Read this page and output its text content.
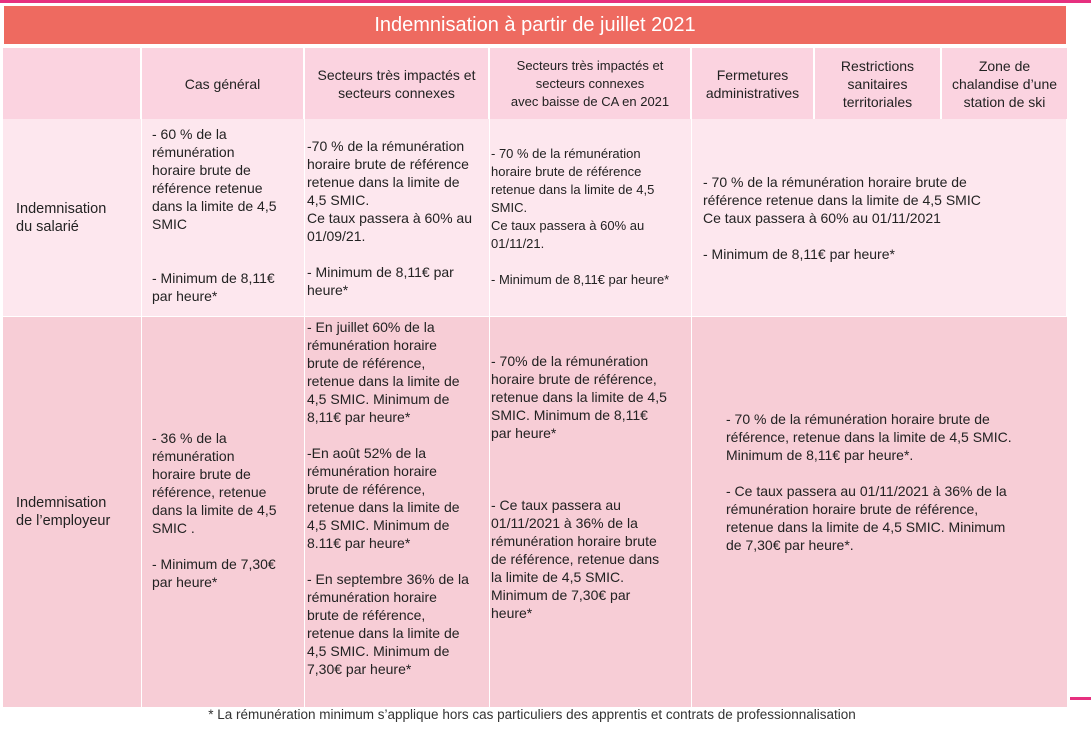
Indemnisation à partir de juillet 2021
Cas général
Secteurs très impactés et
secteurs connexes
Secteurs très impactés et
secteurs connexes
avec baisse de CA en 2021
Fermetures
administratives
Restrictions
sanitaires
territoriales
Zone de
chalandise d’une
station de ski
Indemnisation
du salarié
- 60 % de la
rémunération
horaire brute de
référence retenue
dans la limite de 4,5
SMIC

- Minimum de 8,11€
par heure*
-70 % de la rémunération
horaire brute de référence
retenue dans la limite de
4,5 SMIC.
Ce taux passera à 60% au
01/09/21.

- Minimum de 8,11€ par
heure*
- 70 % de la rémunération
horaire brute de référence
retenue dans la limite de 4,5
SMIC.
Ce taux passera à 60% au
01/11/21.

- Minimum de 8,11€ par heure*
- 70 % de la rémunération horaire brute de
référence retenue dans la limite de 4,5 SMIC
Ce taux passera à 60% au 01/11/2021

- Minimum de 8,11€ par heure*
Indemnisation
de l’employeur
- 36 % de la
rémunération
horaire brute de
référence, retenue
dans la limite de 4,5
SMIC .

- Minimum de 7,30€
par heure*
- En juillet 60% de la
rémunération horaire
brute de référence,
retenue dans la limite de
4,5 SMIC. Minimum de
8,11€ par heure*

-En août 52% de la
rémunération horaire
brute de référence,
retenue dans la limite de
4,5 SMIC. Minimum de
8.11€ par heure*

- En septembre 36% de la
rémunération horaire
brute de référence,
retenue dans la limite de
4,5 SMIC. Minimum de
7,30€ par heure*
- 70% de la rémunération
horaire brute de référence,
retenue dans la limite de 4,5
SMIC. Minimum de 8,11€
par heure*

- Ce taux passera au
01/11/2021 à 36% de la
rémunération horaire brute
de référence, retenue dans
la limite de 4,5 SMIC.
Minimum de 7,30€ par
heure*
- 70 % de la rémunération horaire brute de
référence, retenue dans la limite de 4,5 SMIC.
Minimum de 8,11€ par heure*.

- Ce taux passera au 01/11/2021 à 36% de la
rémunération horaire brute de référence,
retenue dans la limite de 4,5 SMIC. Minimum
de 7,30€ par heure*.
* La rémunération minimum s’applique hors cas particuliers des apprentis et contrats de professionnalisation
